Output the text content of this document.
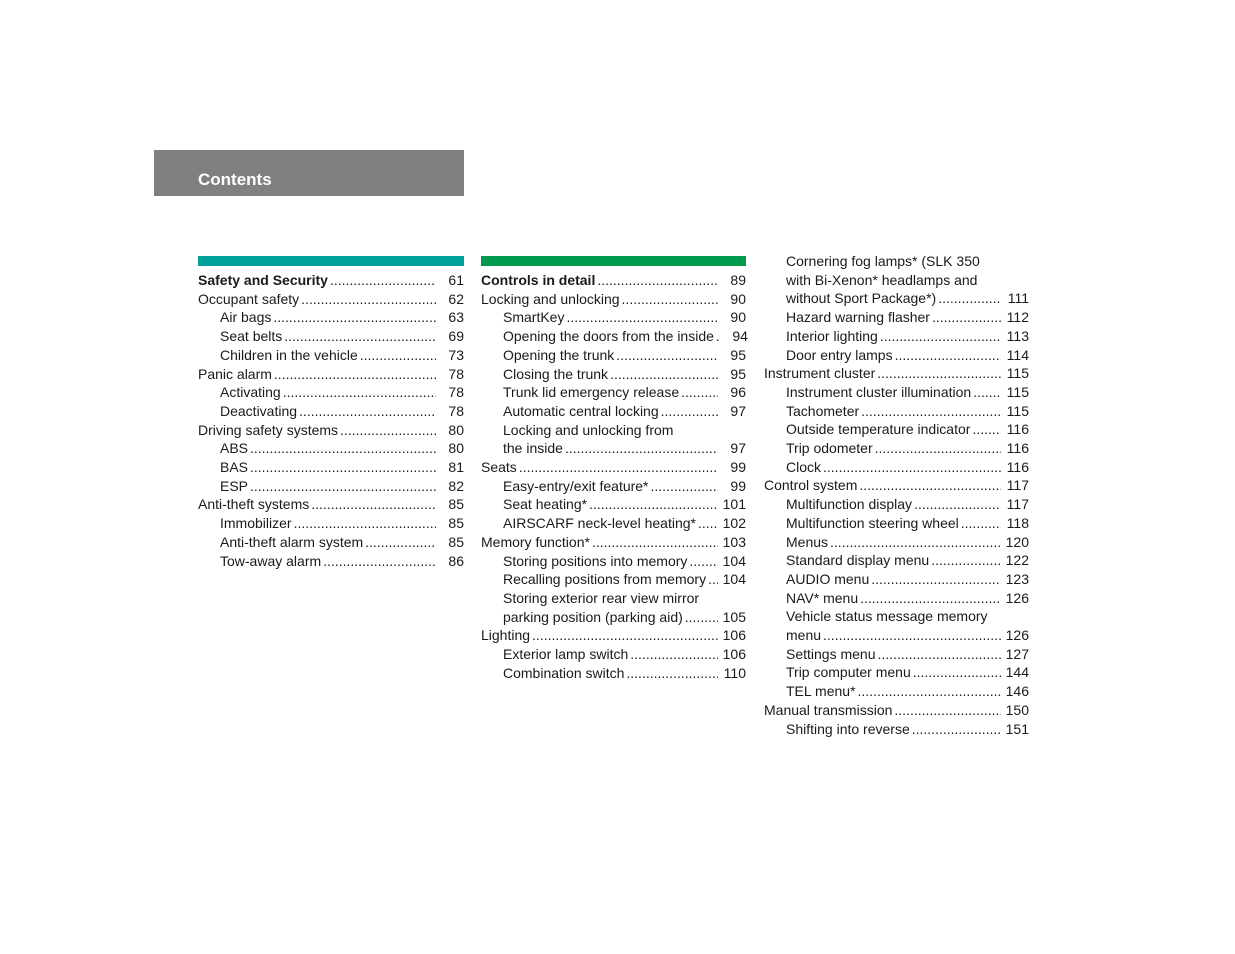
Contents
Safety and Security .....	61
Occupant safety .....	62
Air bags .....	63
Seat belts .....	69
Children in the vehicle .....	73
Panic alarm .....	78
Activating .....	78
Deactivating .....	78
Driving safety systems .....	80
ABS .....	80
BAS .....	81
ESP .....	82
Anti-theft systems .....	85
Immobilizer .....	85
Anti-theft alarm system .....	85
Tow-away alarm .....	86
Controls in detail .....	89
Locking and unlocking .....	90
SmartKey .....	90
Opening the doors from the inside .....	94
Opening the trunk .....	95
Closing the trunk .....	95
Trunk lid emergency release .....	96
Automatic central locking .....	97
Locking and unlocking from
the inside .....	97
Seats .....	99
Easy-entry/exit feature* .....	99
Seat heating* .....	101
AIRSCARF neck-level heating* ..... 102
Memory function* .....	103
Storing positions into memory .....	104
Recalling positions from memory ..... 104
Storing exterior rear view mirror
parking position (parking aid) .....	105
Lighting .....	106
Exterior lamp switch .....	106
Combination switch .....	110
Cornering fog lamps* (SLK 350
with Bi-Xenon* headlamps and
without Sport Package*) .....	111
Hazard warning flasher .....	112
Interior lighting .....	113
Door entry lamps .....	114
Instrument cluster .....	115
Instrument cluster illumination .....	115
Tachometer .....	115
Outside temperature indicator .....	116
Trip odometer .....	116
Clock .....	116
Control system .....	117
Multifunction display .....	117
Multifunction steering wheel .....	118
Menus .....	120
Standard display menu .....	122
AUDIO menu .....	123
NAV* menu .....	126
Vehicle status message memory
menu .....	126
Settings menu .....	127
Trip computer menu .....	144
TEL menu* .....	146
Manual transmission .....	150
Shifting into reverse .....	151
